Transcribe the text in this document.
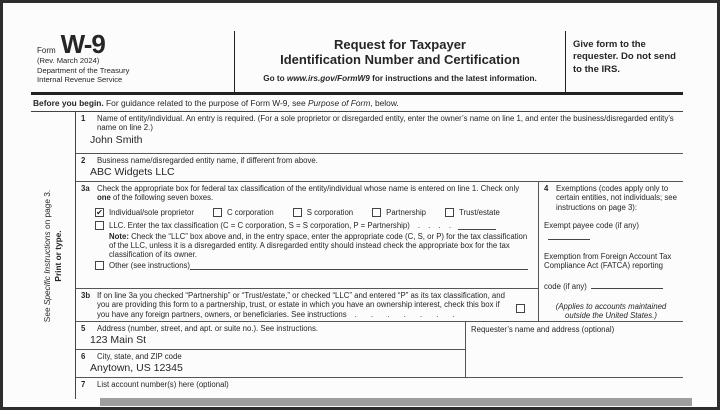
Form W-9
(Rev. March 2024)
Department of the Treasury
Internal Revenue Service
Request for Taxpayer
Identification Number and Certification
Go to www.irs.gov/FormW9 for instructions and the latest information.
Give form to the requester. Do not send to the IRS.
Before you begin. For guidance related to the purpose of Form W-9, see Purpose of Form, below.
See Specific Instructions on page 3.
Print or type.
1	Name of entity/individual. An entry is required. (For a sole proprietor or disregarded entity, enter the owner’s name on line 1, and enter the business/disregarded entity’s name on line 2.)
John Smith
2	Business name/disregarded entity name, if different from above.
ABC Widgets LLC
3a Check the appropriate box for federal tax classification of the entity/individual whose name is entered on line 1. Check only one of the following seven boxes.
✔
Individual/sole proprietor	C corporation	S corporation	Partnership	Trust/estate
LLC. Enter the tax classification (C = C corporation, S = S corporation, P = Partnership) . . . .
Note: Check the “LLC” box above and, in the entry space, enter the appropriate code (C, S, or P) for the tax classification of the LLC, unless it is a disregarded entity. A disregarded entity should instead check the appropriate box for the tax classification of its owner.
Other (see instructions)
3b If on line 3a you checked “Partnership” or “Trust/estate,” or checked “LLC” and entered “P” as its tax classification, and you are providing this form to a partnership, trust, or estate in which you have an ownership interest, check this box if you have any foreign partners, owners, or beneficiaries. See instructions . . . . . . .
4 Exemptions (codes apply only to certain entities, not individuals; see instructions on page 3):
Exempt payee code (if any)
Exemption from Foreign Account Tax Compliance Act (FATCA) reporting code (if any)
(Applies to accounts maintained outside the United States.)
5	Address (number, street, and apt. or suite no.). See instructions.
123 Main St
6	City, state, and ZIP code
Anytown, US 12345
Requester’s name and address (optional)
7	List account number(s) here (optional)
